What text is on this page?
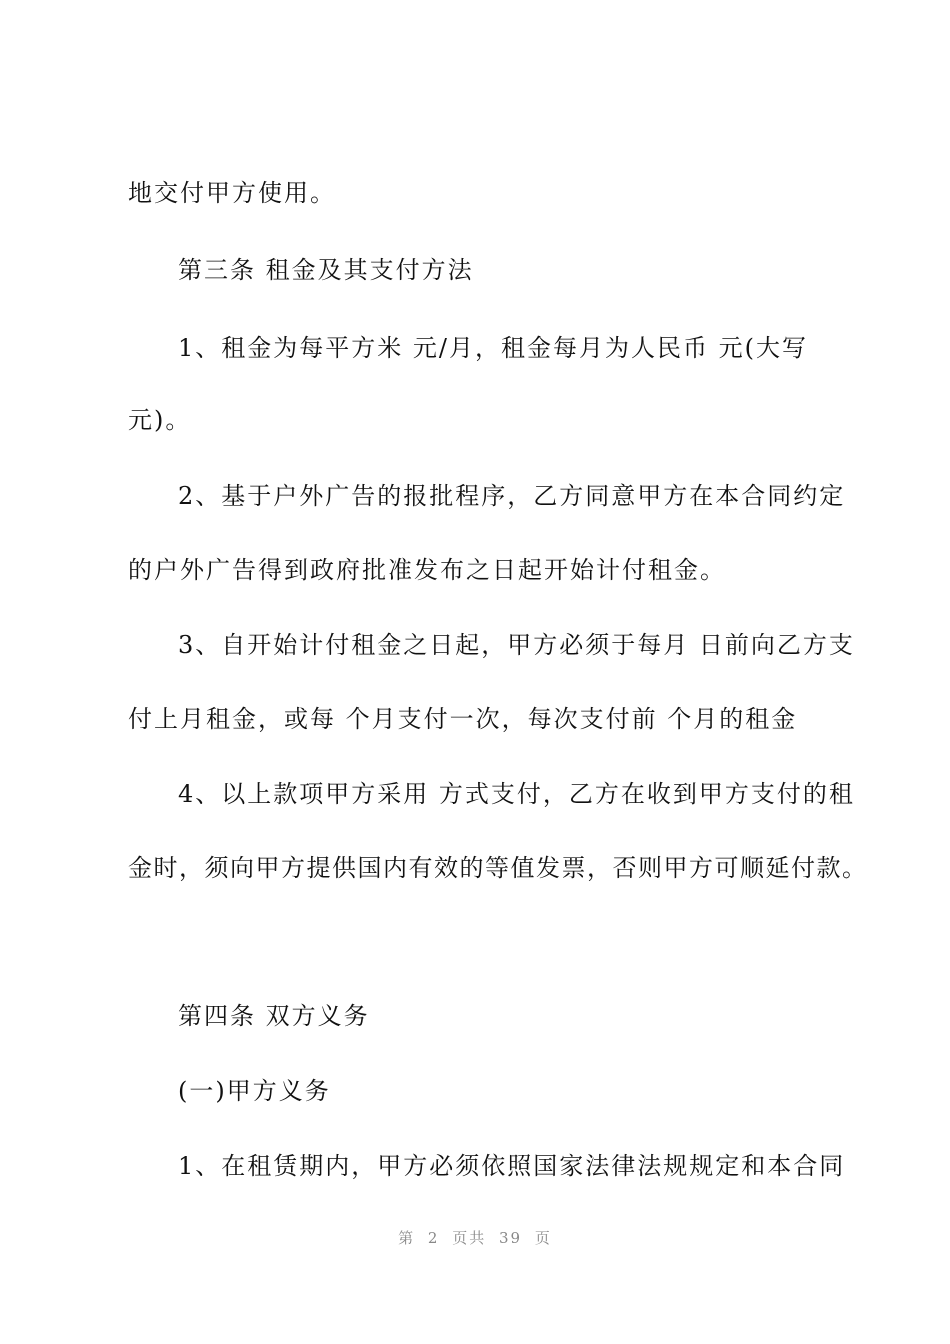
地交付甲方使用。
第三条 租金及其支付方法
1、租金为每平方米 元/月，租金每月为人民币 元(大写
元)。
2、基于户外广告的报批程序，乙方同意甲方在本合同约定
的户外广告得到政府批准发布之日起开始计付租金。
3、自开始计付租金之日起，甲方必须于每月 日前向乙方支
付上月租金，或每 个月支付一次，每次支付前 个月的租金
4、以上款项甲方采用 方式支付，乙方在收到甲方支付的租
金时，须向甲方提供国内有效的等值发票，否则甲方可顺延付款。
第四条 双方义务
(一)甲方义务
1、在租赁期内，甲方必须依照国家法律法规规定和本合同
第 2 页共 39 页
